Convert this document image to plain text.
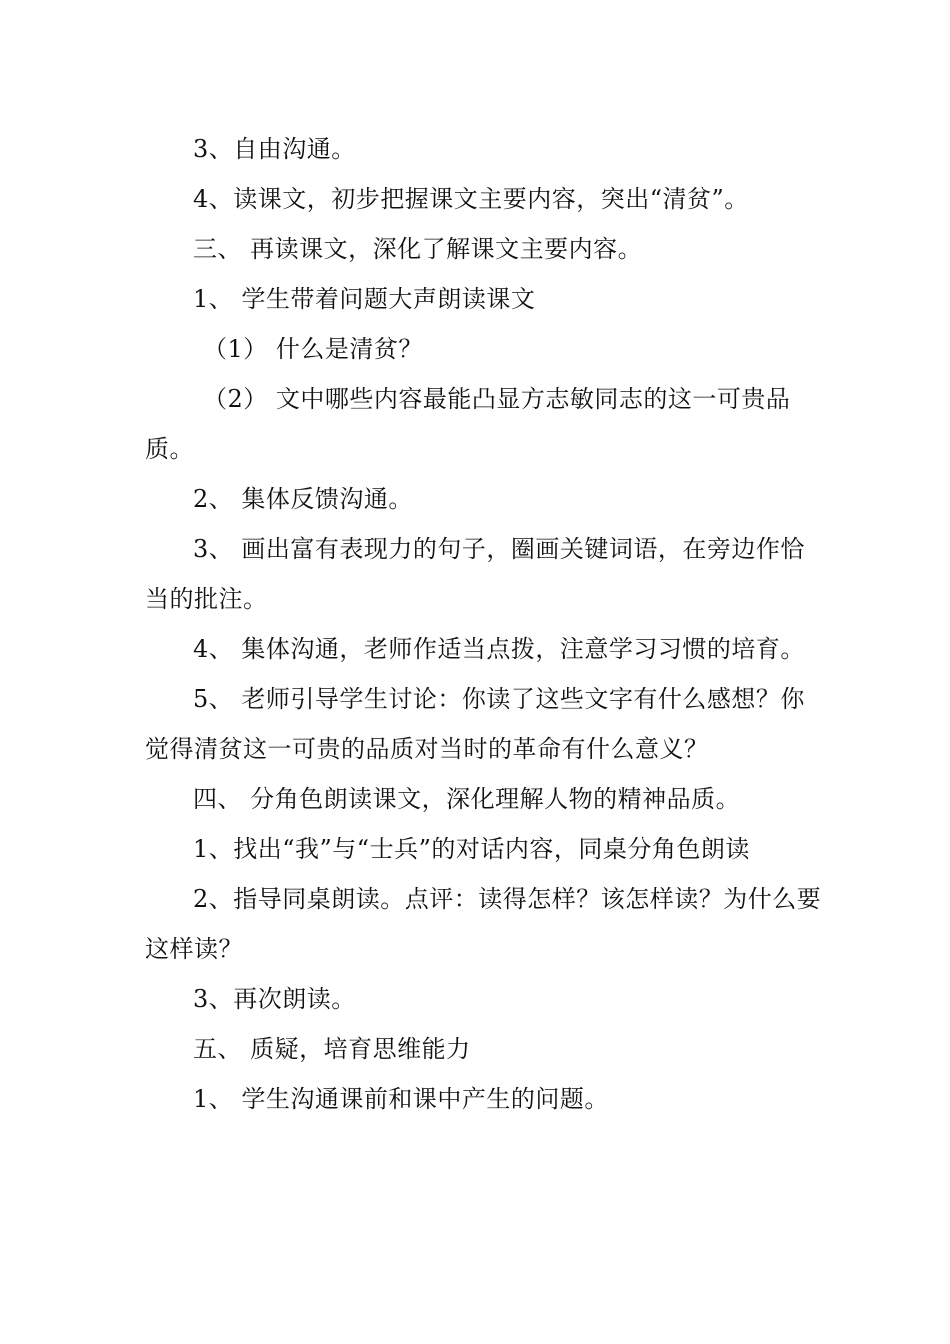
3、自由沟通。

4、读课文，初步把握课文主要内容，突出“清贫”。

三、 再读课文，深化了解课文主要内容。

1、 学生带着问题大声朗读课文

（1） 什么是清贫？

（2） 文中哪些内容最能凸显方志敏同志的这一可贵品质。

2、 集体反馈沟通。

3、 画出富有表现力的句子，圈画关键词语，在旁边作恰当的批注。

4、 集体沟通，老师作适当点拨，注意学习习惯的培育。

5、 老师引导学生讨论：你读了这些文字有什么感想？你觉得清贫这一可贵的品质对当时的革命有什么意义？

四、 分角色朗读课文，深化理解人物的精神品质。

1、找出“我”与“士兵”的对话内容，同桌分角色朗读

2、指导同桌朗读。点评：读得怎样？该怎样读？为什么要这样读？

3、再次朗读。

五、 质疑，培育思维能力

1、 学生沟通课前和课中产生的问题。
